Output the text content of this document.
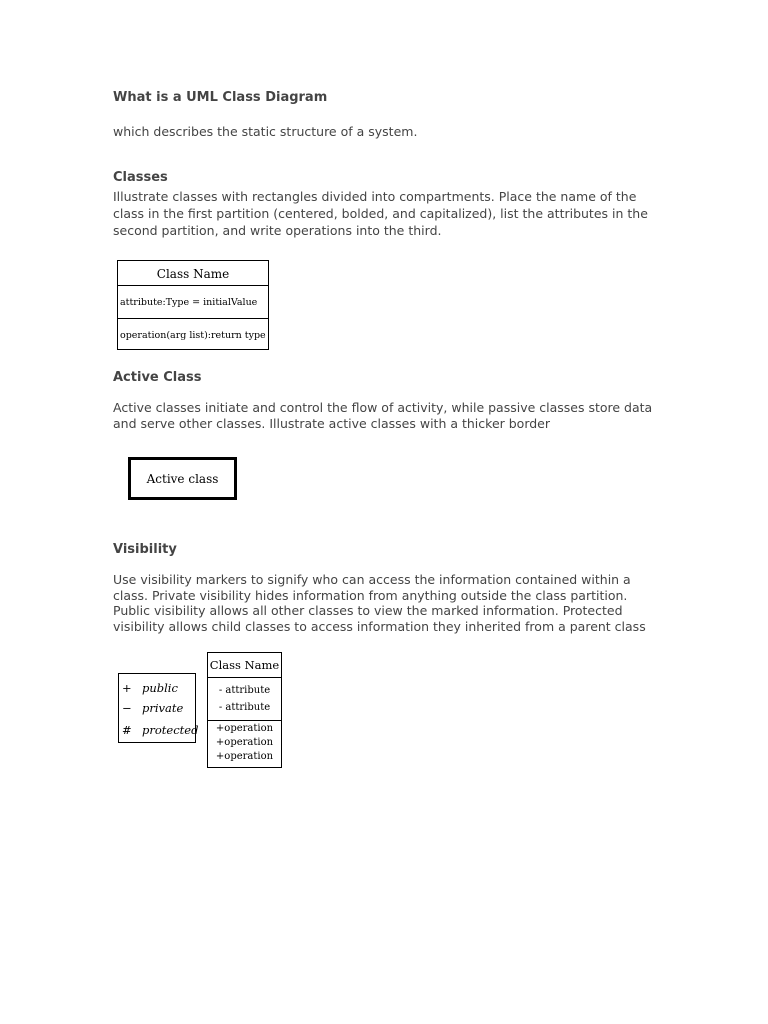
What is a UML Class Diagram

which describes the static structure of a system.

Classes

Illustrate classes with rectangles divided into compartments. Place the name of the

class in the first partition (centered, bolded, and capitalized), list the attributes in the

second partition, and write operations into the third.

Class Name
attribute:Type = initialValue
operation(arg list):return type
Active Class

Active classes initiate and control the flow of activity, while passive classes store data

and serve other classes. Illustrate active classes with a thicker border

Active class
Visibility

Use visibility markers to signify who can access the information contained within a

class. Private visibility hides information from anything outside the class partition.

Public visibility allows all other classes to view the marked information. Protected

visibility allows child classes to access information they inherited from a parent class

+ public
− private
# protected
Class Name
- attribute
- attribute
+operation
+operation
+operation
